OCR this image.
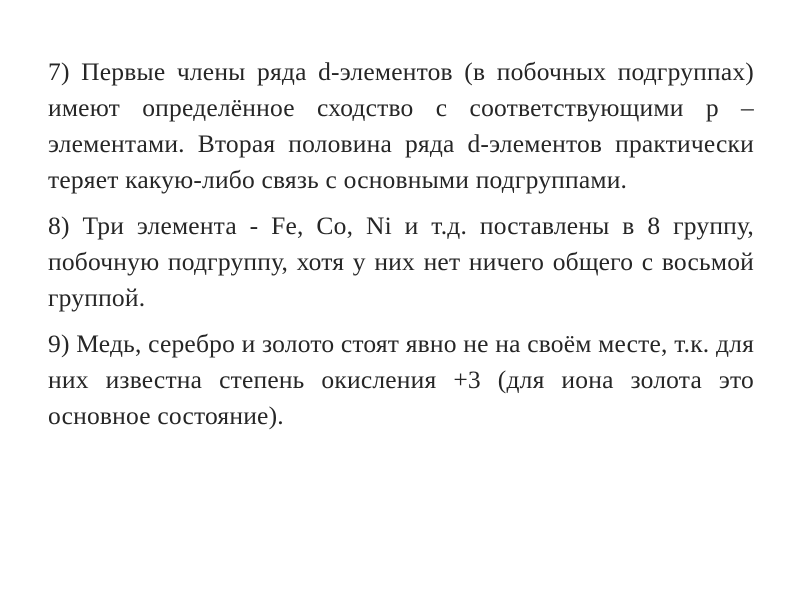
7) Первые члены ряда d-элементов (в побочных подгруппах) имеют определённое сходство с соответствующими p – элементами. Вторая половина ряда d-элементов практически теряет какую-либо связь с основными подгруппами.

8) Три элемента - Fe, Co, Ni и т.д. поставлены в 8 группу, побочную подгруппу, хотя у них нет ничего общего с восьмой группой.

9) Медь, серебро и золото стоят явно не на своём месте, т.к. для них известна степень окисления +3 (для иона золота это основное состояние).
